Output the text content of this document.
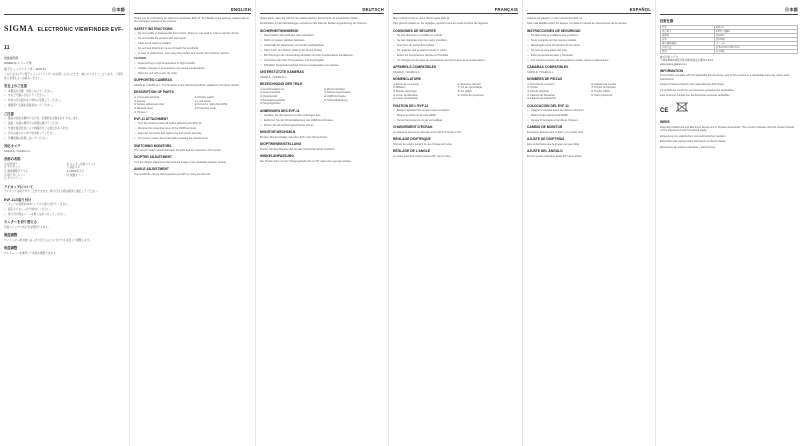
日本語
SIGMA ELECTRONIC VIEWFINDER EVF-11
取扱説明書
SIGMA fp シリーズ用
電子ビューファインダー EVF-11
このたびはシグマ電子ビューファインダーをお買い上げいただき、誠にありがとうございます。ご使用前に本書をよくお読みください。
安全上のご注意
• 本製品を分解・改造しないでください。
• 水などで濡らさないでください。
• 幼児の手の届かない場所に保管してください。
• 接眼部で太陽を直接見ないでください。
ご注意
• 製品の性能を維持するため、定期的な点検をおすすめします。
• 高温・多湿の場所での保管は避けてください。
• 急激な温度変化により結露が生じる場合があります。
• 汚れは柔らかい布で拭き取ってください。
• 有機溶剤は使用しないでください。
対応カメラ
SIGMA fp / SIGMA fp L
各部の名称
① 接続端子	⑥ モニター切替スイッチ
② アイカップ	⑦ 固定ネジ
③ 視度調整ダイヤル	⑧ HDMI用ネジ
④ 取り外しレバー	⑨ 保護カバー
⑤ チルトレバー
アイカップについて
アイカップは取り外すことができます。取り付ける際は確実に固定してください。
EVF-11の取り付け
• カメラの電源をOFFにしてから取り付けてください。
• 固定ネジをしっかり締めてください。
• 取り外す際はレバーを押しながら外してください。
モニターを切り替える
切替スイッチで表示先を選択できます。
視度調整
ファインダー像が最もはっきり見えるようにダイヤルを回して調整します。
角度調整
チルトレバーを操作して角度を調整できます。
ENGLISH
Thank you for purchasing an electronic viewfinder EVF-11. For details of the settings, please refer to the instruction manual of the camera.
SAFETY INSTRUCTIONS
• Do not modify or disassemble this product. Doing so may lead to a fire or electric shock.
• Do not handle the product with wet hands.
• Keep out of reach of children.
• Do not look directly at the sun through the viewfinder.
• In case of malfunction, stop using the product and contact the customer service.
CAUTION
• Avoid storing in high temperature or high humidity.
• Sudden changes in temperature may cause condensation.
• Wipe the unit with a soft, dry cloth.
SUPPORTED CAMERAS
SIGMA fp / SIGMA fp L. The firmware of the camera should be updated to the latest version.
DESCRIPTION OF PARTS
① Connector terminal	⑥ Monitor switch
② Eyecup	⑦ Lock screw
③ Diopter adjustment dial	⑧ Screw for using the HDMI
④ Release lever	⑨ Protective cover
⑤ Tilt lever
EVF-11 ATTACHMENT
• Turn the camera power off before attaching the EVF-11.
• Remove the protective cover of the HDMI terminal.
• Align the connector and tighten the lock screw securely.
• To remove, loosen the screw while pressing the release lever.
SWITCHING MONITORS
The monitor switch selects between the EVF and the camera's LCD monitor.
DIOPTER ADJUSTMENT
Turn the diopter adjustment dial until the image in the viewfinder appears clearly.
ANGLE ADJUSTMENT
The viewfinder can be tilted upward up to 90° by using the tilt lever.
DEUTSCH
Vielen Dank, dass Sie sich für den elektronischen Sucher EVF-11 entschieden haben.
Einzelheiten zu den Einstellungen entnehmen Sie bitte der Bedienungsanleitung der Kamera.
SICHERHEITSHINWEISE
• Das Produkt nicht zerlegen oder verändern.
• Nicht mit nassen Händen bedienen.
• Außerhalb der Reichweite von Kindern aufbewahren.
• Nicht durch den Sucher direkt in die Sonne blicken.
• Bei Störungen die Verwendung einstellen und den Kundendienst kontaktieren.
• Vermeiden Sie hohe Temperaturen und Feuchtigkeit.
• Plötzliche Temperaturwechsel können Kondensation verursachen.
UNTERSTÜTZTE KAMERAS
SIGMA fp / SIGMA fp L
BEZEICHNUNG DER TEILE
① Anschlussklemme	⑥ Monitorschalter
② Augenmuschel	⑦ Sicherungsschraube
③ Dioptrienrad	⑧ HDMI-Schraube
④ Entriegelungshebel	⑨ Schutzabdeckung
⑤ Neigungshebel
ANBRINGEN DES EVF-11
• Schalten Sie die Kamera vor dem Anbringen aus.
• Entfernen Sie die Schutzabdeckung des HDMI-Anschlusses.
• Ziehen Sie die Sicherungsschraube fest an.
MONITOR WECHSELN
Mit dem Monitorschalter zwischen EVF und LCD wechseln.
DIOPTRIENEINSTELLUNG
Drehen Sie das Dioptrienrad, bis das Sucherbild scharf erscheint.
WINKELANPASSUNG
Der Sucher kann mit dem Neigungshebel bis zu 90° nach oben geneigt werden.
FRANÇAIS
Merci d'avoir choisi le viseur électronique EVF-11.
Pour plus de détails sur les réglages, reportez-vous au mode d'emploi de l'appareil.
CONSIGNES DE SÉCURITÉ
• Ne pas démonter ni modifier ce produit.
• Ne pas manipuler avec les mains mouillées.
• Tenir hors de portée des enfants.
• Ne regardez pas le soleil à travers le viseur.
• Évitez les températures élevées et l'humidité.
• Un changement brusque de température peut provoquer de la condensation.
APPAREILS COMPATIBLES
SIGMA fp / SIGMA fp L
NOMENCLATURE
① Borne de connexion	⑥ Sélecteur d'écran
② Œilleton	⑦ Vis de verrouillage
③ Molette dioptrique	⑧ Vis HDMI
④ Levier de libération	⑨ Cache de protection
⑤ Levier d'inclinaison
FIXATION DE L'EVF-11
• Mettez l'appareil hors tension avant la fixation.
• Retirez le cache de la prise HDMI.
• Serrez fermement la vis de verrouillage.
CHANGEMENT D'ÉCRAN
Le sélecteur permet de basculer entre l'EVF et l'écran LCD.
RÉGLAGE DIOPTRIQUE
Tournez la molette jusqu'à ce que l'image soit nette.
RÉGLAGE DE L'ANGLE
Le viseur peut être incliné jusqu'à 90° vers le haut.
ESPAÑOL
Gracias por adquirir un visor electrónico EVF-11.
Para más detalles sobre los ajustes, consulte el manual de instrucciones de la cámara.
INSTRUCCIONES DE SEGURIDAD
• No desmonte ni modifique este producto.
• No lo manipule con las manos mojadas.
• Manténgalo fuera del alcance de los niños.
• No mire al sol a través del visor.
• Evite temperaturas altas y humedad.
• Los cambios bruscos de temperatura pueden causar condensación.
CÁMARAS COMPATIBLES
SIGMA fp / SIGMA fp L
NOMBRES DE PIEZAS
① Terminal de conexión	⑥ Selector de monitor
② Ocular	⑦ Tornillo de bloqueo
③ Dial de dioptrías	⑧ Tornillo HDMI
④ Palanca de liberación	⑨ Tapa protectora
⑤ Palanca de inclinación
COLOCACIÓN DEL EVF-11
• Apague la cámara antes de colocar el EVF-11.
• Retire la tapa del terminal HDMI.
• Apriete firmemente el tornillo de bloqueo.
CAMBIO DE MONITOR
El selector alterna entre el EVF y el monitor LCD.
AJUSTE DE DIOPTRÍAS
Gire el dial hasta que la imagen se vea nítida.
AJUSTE DEL ÁNGULO
El visor puede inclinarse hasta 90° hacia arriba.
日本語
技術仕様
型式	EVF-11
表示素子	0.5型 有機EL
視野率	約100%
倍率	約0.83倍
視度調整範囲	-4 〜 +2
外形寸法	約 53.2×63.3×50.7mm
質量	約 193g
株式会社シグマ
〒215-8530 神奈川県川崎市麻生区栗木2-8-15
www.sigma-global.com
INFORMATION
This product complies with the applicable EU directives. Use of this product in a residential area may cause radio interference.
Dieses Produkt entspricht den geltenden EU-Richtlinien.
Ce produit est conforme aux directives européennes applicables.
Este producto cumple con las directivas europeas aplicables.
CE
WEEE
Disposal of Electrical and Electronic Equipment in Private Households. This symbol indicates that this product should not be disposed of with household waste.
Entsorgung von elektrischen und elektronischen Geräten.
Élimination des équipements électriques et électroniques.
Eliminación de equipos eléctricos y electrónicos.
